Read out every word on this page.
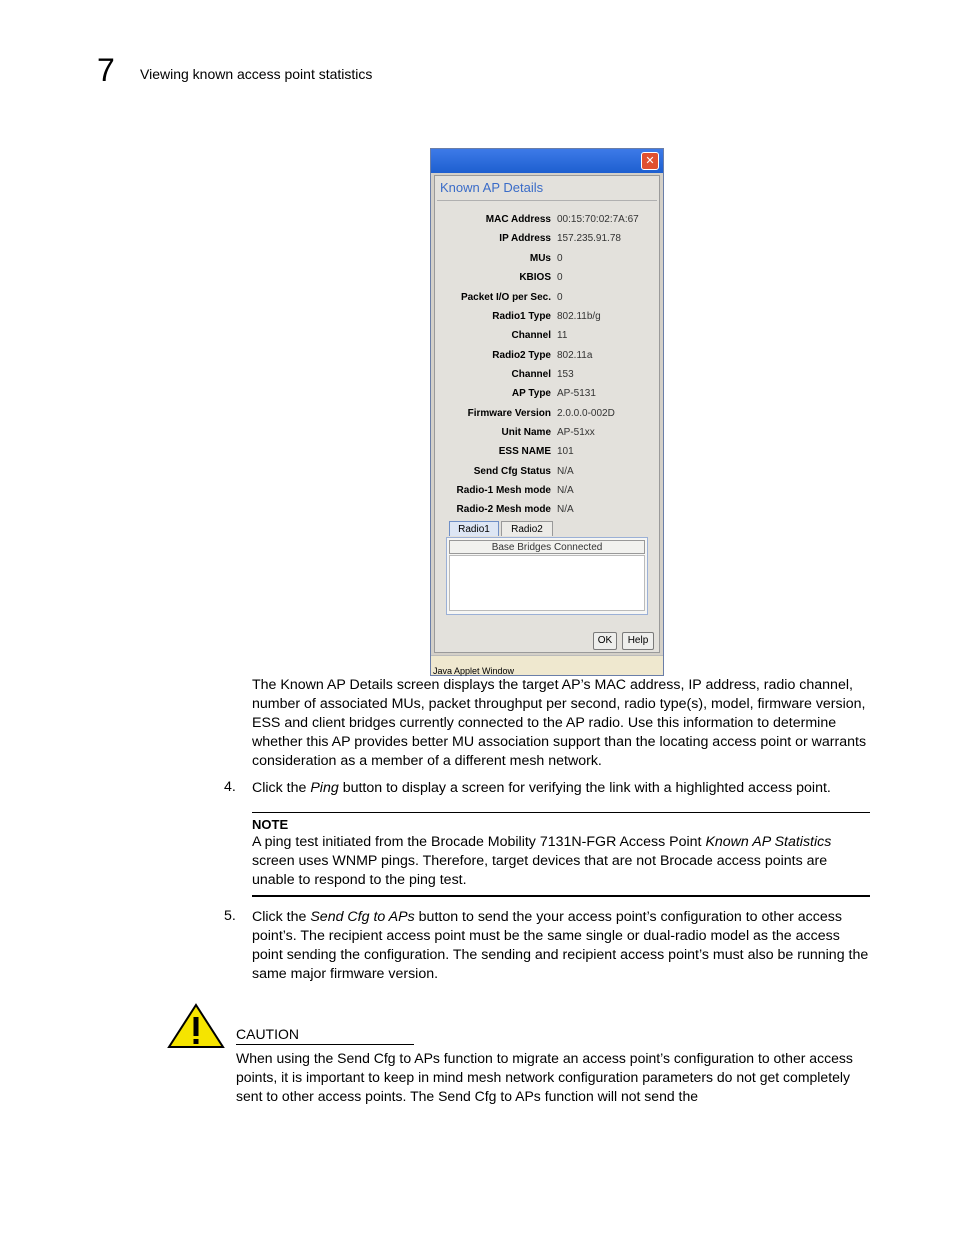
7 Viewing known access point statistics
✕
Known AP Details
MAC Address 00:15:70:02:7A:67
IP Address 157.235.91.78
MUs 0
KBIOS 0
Packet I/O per Sec. 0
Radio1 Type 802.11b/g
Channel 11
Radio2 Type 802.11a
Channel 153
AP Type AP-5131
Firmware Version 2.0.0.0-002D
Unit Name AP-51xx
ESS NAME 101
Send Cfg Status N/A
Radio-1 Mesh mode N/A
Radio-2 Mesh mode N/A
Radio1	Radio2
Base Bridges Connected
OK	Help
Java Applet Window
The Known AP Details screen displays the target AP’s MAC address, IP address, radio channel, number of associated MUs, packet throughput per second, radio type(s), model, firmware version, ESS and client bridges currently connected to the AP radio. Use this information to determine whether this AP provides better MU association support than the locating access point or warrants consideration as a member of a different mesh network.
4. Click the Ping button to display a screen for verifying the link with a highlighted access point.
NOTE
A ping test initiated from the Brocade Mobility 7131N-FGR Access Point Known AP Statistics screen uses WNMP pings. Therefore, target devices that are not Brocade access points are unable to respond to the ping test.
5. Click the Send Cfg to APs button to send the your access point’s configuration to other access point’s. The recipient access point must be the same single or dual-radio model as the access point sending the configuration. The sending and recipient access point’s must also be running the same major firmware version.
CAUTION
When using the Send Cfg to APs function to migrate an access point’s configuration to other access points, it is important to keep in mind mesh network configuration parameters do not get completely sent to other access points. The Send Cfg to APs function will not send the
